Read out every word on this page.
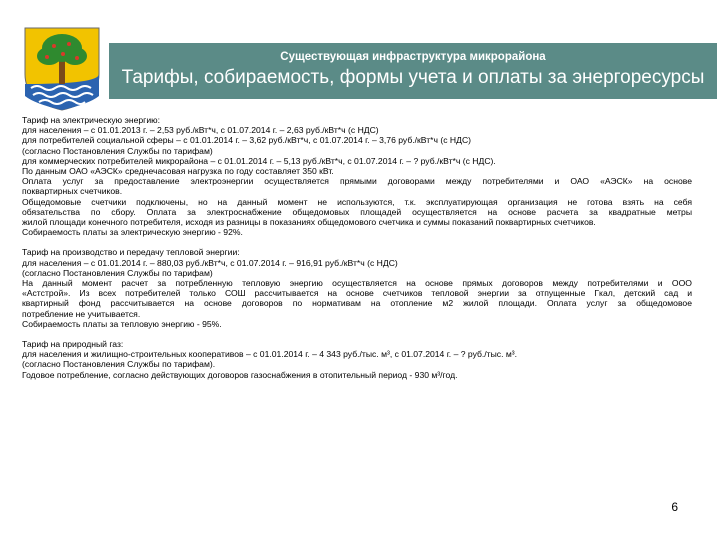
Существующая инфраструктура микрорайона
Тарифы, собираемость, формы учета и оплаты за энергоресурсы

Тариф на электрическую энергию:

для населения – с 01.01.2013 г. – 2,53 руб./кВт*ч, с 01.07.2014 г. – 2,63 руб./кВт*ч (с НДС)

для потребителей социальной сферы – с 01.01.2014 г. – 3,62 руб./кВт*ч, с 01.07.2014 г. – 3,76 руб./кВт*ч (с НДС)

(согласно Постановления Службы по тарифам)

для коммерческих потребителей микрорайона – с 01.01.2014 г. – 5,13 руб./кВт*ч, с 01.07.2014 г. – ? руб./кВт*ч (с НДС).

По данным ОАО «АЭСК» среднечасовая нагрузка по году составляет 350 кВт.

Оплата услуг за предоставление электроэнергии осуществляется прямыми договорами между потребителями и ОАО «АЭСК» на основе

поквартирных счетчиков.

Общедомовые счетчики подключены, но на данный момент не используются, т.к. эксплуатирующая организация не готова взять на себя

обязательства по сбору. Оплата за электроснабжение общедомовых площадей осуществляется на основе расчета за квадратные метры

жилой площади конечного потребителя, исходя из разницы в показаниях общедомового счетчика и суммы показаний поквартирных счетчиков.

Собираемость платы за электрическую энергию - 92%.

Тариф на производство и передачу тепловой энергии:

для населения – с 01.01.2014 г. – 880,03 руб./кВт*ч, с 01.07.2014 г. – 916,91 руб./кВт*ч (с НДС)

(согласно Постановления Службы по тарифам)

На данный момент расчет за потребленную тепловую энергию осуществляется на основе прямых договоров между потребителями и ООО

«Астстрой». Из всех потребителей только СОШ рассчитывается на основе счетчиков тепловой энергии за отпущенные Гкал, детский сад и

квартирный фонд рассчитывается на основе договоров по нормативам на отопление м2 жилой площади. Оплата услуг за общедомовое

потребление не учитывается.

Собираемость платы за тепловую энергию - 95%.

Тариф на природный газ:

для населения и жилищно-строительных кооперативов – с 01.01.2014 г. – 4 343 руб./тыс. м³, с 01.07.2014 г. – ? руб./тыс. м³.

(согласно Постановления Службы по тарифам).

Годовое потребление, согласно действующих договоров газоснабжения в отопительный период - 930 м³/год.

6
